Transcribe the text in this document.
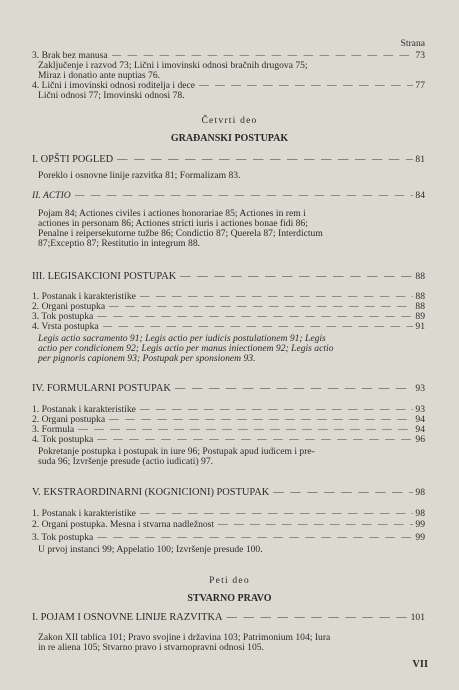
Strana
3. Brak bez manusa — — —	73
Zaključenje i razvod 73; Lični i imovinski odnosi bračnih drugova 75;
Miraz i donatio ante nuptias 76.
4. Lični i imovinski odnosi roditelja i dece — — —	77
Lični odnosi 77; Imovinski odnosi 78.
Četvrti deo
GRAĐANSKI POSTUPAK
I. OPŠTI POGLED — — —	81
Poreklo i osnovne linije razvitka 81; Formalizam 83.
II. ACTIO — — —	84
Pojam 84; Actiones civiles i actiones honorariae 85; Actiones in rem i
actiones in personam 86; Actiones stricti iuris i actiones bonae fidi 86;
Penalne i reipersekutorne tužbe 86; Condictio 87; Querela 87; Interdictum
87;Exceptio 87; Restitutio in integrum 88.
III. LEGISAKCIONI POSTUPAK — — —	88
1. Postanak i karakteristike — — —	88
2. Organi postupka — — —	88
3. Tok postupka — — —	89
4. Vrsta postupka — — —	91
Legis actio sacramento 91; Legis actio per iudicis postulationem 91; Legis
actio per condicionem 92; Legis actio per manus iniectionem 92; Legis actio
per pignoris capionem 93; Postupak per sponsionem 93.
IV. FORMULARNI POSTUPAK — — —	93
1. Postanak i karakteristike — — —	93
2. Organi postupka — — —	94
3. Formula — — —	94
4. Tok postupka — — —	96
Pokretanje postupka i postupak in iure 96; Postupak apud iudicem i pre-
suda 96; Izvršenje presude (actio iudicati) 97.
V. EKSTRAORDINARNI (KOGNICIONI) POSTUPAK — — —	98
1. Postanak i karakteristike — — —	98
2. Organi postupka. Mesna i stvarna nadležnost — — —	99
3. Tok postupka — — —	99
U prvoj instanci 99; Appelatio 100; Izvršenje presude 100.
Peti deo
STVARNO PRAVO
I. POJAM I OSNOVNE LINIJE RAZVITKA — — —	101
Zakon XII tablica 101; Pravo svojine i državina 103; Patrimonium 104; Iura
in re aliena 105; Stvarno pravo i stvarnopravni odnosi 105.
VII
